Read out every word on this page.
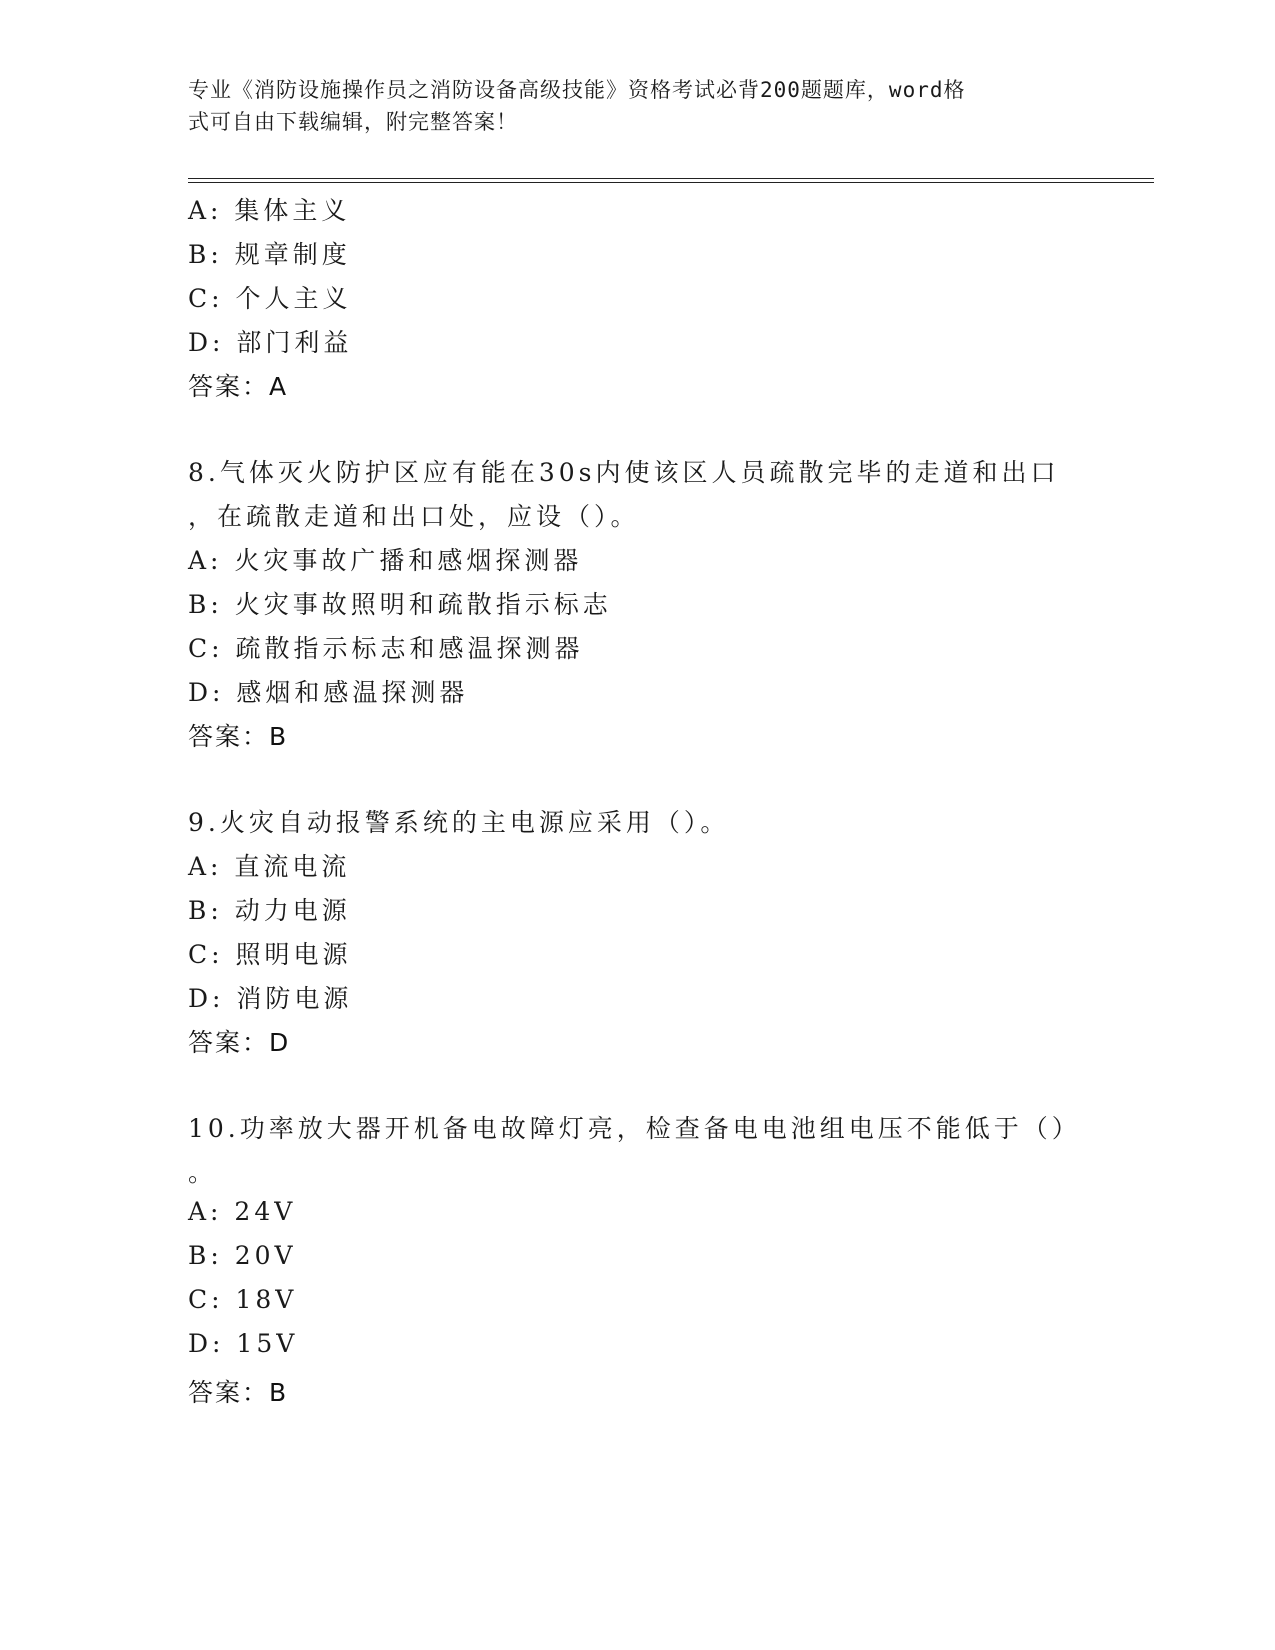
专业《消防设施操作员之消防设备高级技能》资格考试必背200题题库，word格
式可自由下载编辑，附完整答案！
A: 集体主义
B: 规章制度
C: 个人主义
D: 部门利益
答案：A
8.气体灭火防护区应有能在30s内使该区人员疏散完毕的走道和出口
，在疏散走道和出口处，应设（）。
A: 火灾事故广播和感烟探测器
B: 火灾事故照明和疏散指示标志
C: 疏散指示标志和感温探测器
D: 感烟和感温探测器
答案：B
9.火灾自动报警系统的主电源应采用（）。
A: 直流电流
B: 动力电源
C: 照明电源
D: 消防电源
答案：D
10.功率放大器开机备电故障灯亮，检查备电电池组电压不能低于（）
。
A: 24V
B: 20V
C: 18V
D: 15V
答案：B
